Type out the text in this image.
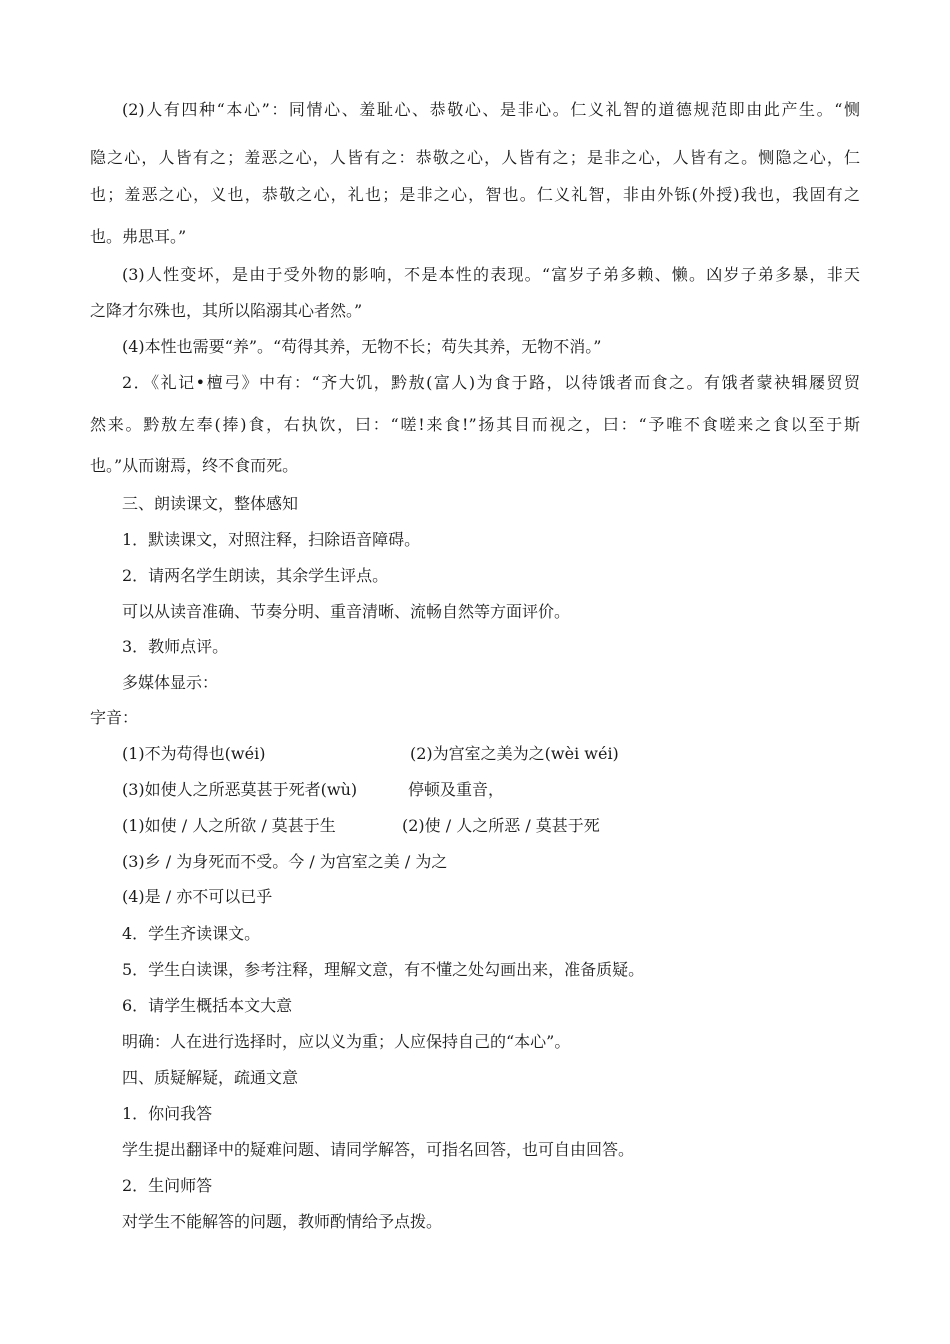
(2)人有四种“本心”：同情心、羞耻心、恭敬心、是非心。仁义礼智的道德规范即由此产生。“恻
隐之心，人皆有之；羞恶之心，人皆有之：恭敬之心，人皆有之；是非之心，人皆有之。恻隐之心，仁
也；羞恶之心，义也，恭敬之心，礼也；是非之心，智也。仁义礼智，非由外铄(外授)我也，我固有之
也。弗思耳。”
(3)人性变坏，是由于受外物的影响，不是本性的表现。“富岁子弟多赖、懒。凶岁子弟多暴，非天
之降才尔殊也，其所以陷溺其心者然。”
(4)本性也需要“养”。“苟得其养，无物不长；苟失其养，无物不消。”
2．《礼记•檀弓》中有：“齐大饥，黔敖(富人)为食于路，以待饿者而食之。有饿者蒙袂辑屦贸贸
然来。黔敖左奉(捧)食，右执饮，曰：“嗟!来食!”扬其目而视之，曰：“予唯不食嗟来之食以至于斯
也。”从而谢焉，终不食而死。
三、朗读课文，整体感知
1．默读课文，对照注释，扫除语音障碍。
2．请两名学生朗读，其余学生评点。
可以从读音准确、节奏分明、重音清晰、流畅自然等方面评价。
3．教师点评。
多媒体显示：
字音：
(1)不为苟得也(wéi)	(2)为宫室之美为之(wèi wéi)
(3)如使人之所恶莫甚于死者(wù)	停顿及重音，
(1)如使 / 人之所欲 / 莫甚于生	(2)使 / 人之所恶 / 莫甚于死
(3)乡 / 为身死而不受。今 / 为宫室之美 / 为之
(4)是 / 亦不可以已乎
4．学生齐读课文。
5．学生白读课，参考注释，理解文意，有不懂之处勾画出来，准备质疑。
6．请学生概括本文大意
明确：人在进行选择时，应以义为重；人应保持自己的“本心”。
四、质疑解疑，疏通文意
1．你问我答
学生提出翻译中的疑难问题、请同学解答，可指名回答，也可自由回答。
2．生问师答
对学生不能解答的问题，教师酌情给予点拨。
